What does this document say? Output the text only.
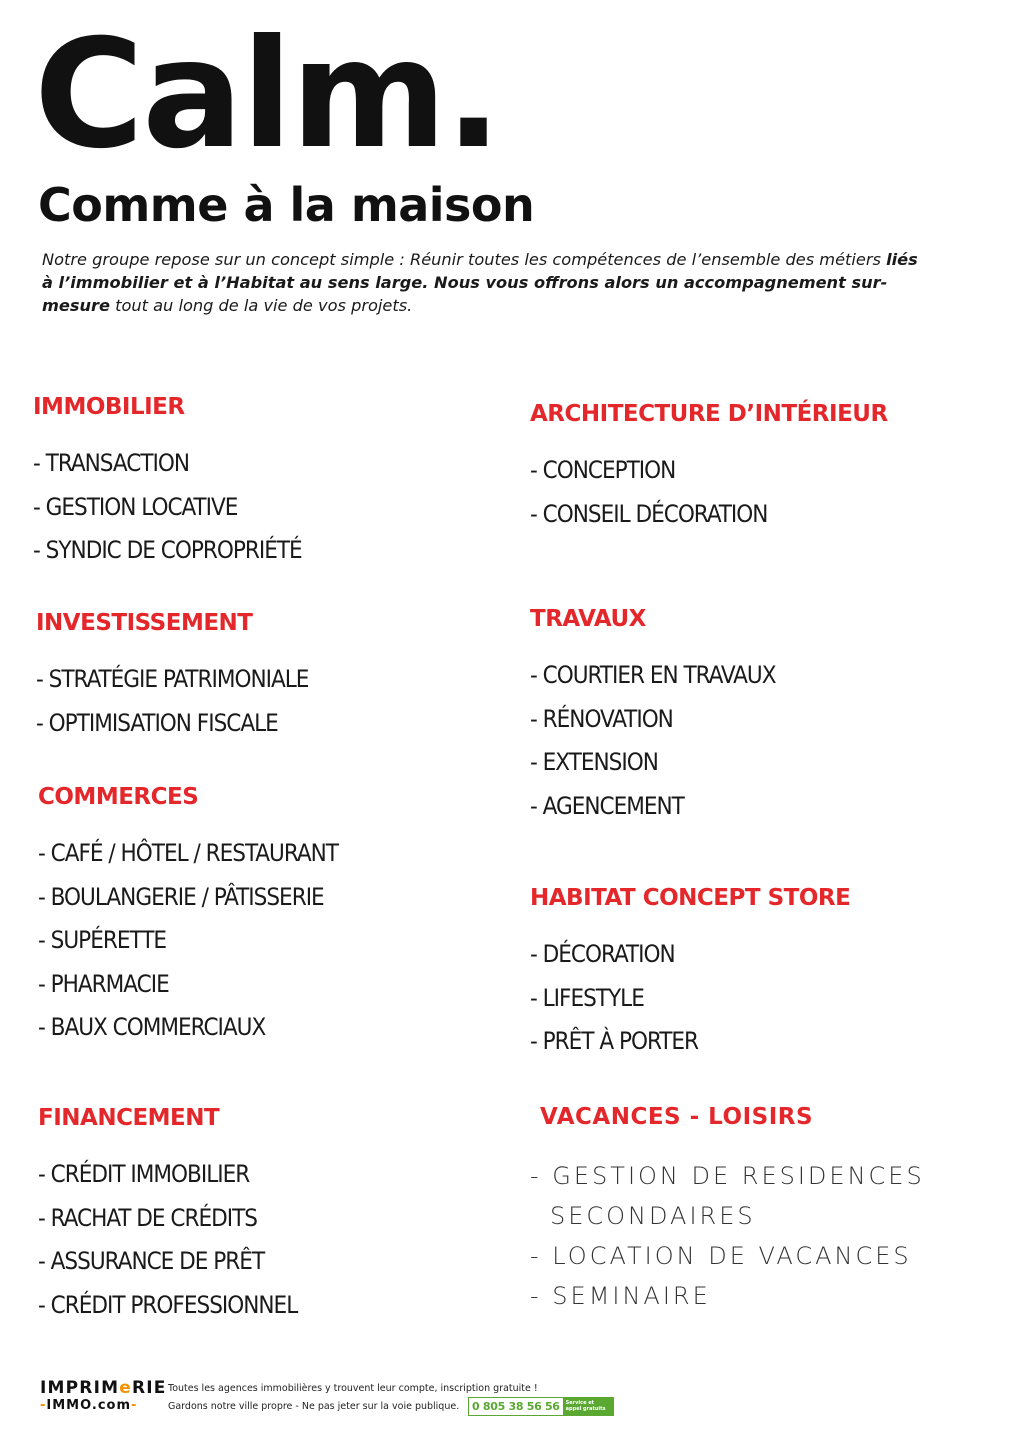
Calm.
Comme à la maison

Notre groupe repose sur un concept simple : Réunir toutes les compétences de l’ensemble des métiers liés à l’immobilier et à l’Habitat au sens large. Nous vous offrons alors un accompagnement sur-mesure tout au long de la vie de vos projets.

IMMOBILIER
- TRANSACTION
- GESTION LOCATIVE
- SYNDIC DE COPROPRIÉTÉ
INVESTISSEMENT
- STRATÉGIE PATRIMONIALE
- OPTIMISATION FISCALE
COMMERCES
- CAFÉ / HÔTEL / RESTAURANT
- BOULANGERIE / PÂTISSERIE
- SUPÉRETTE
- PHARMACIE
- BAUX COMMERCIAUX
FINANCEMENT
- CRÉDIT IMMOBILIER
- RACHAT DE CRÉDITS
- ASSURANCE DE PRÊT
- CRÉDIT PROFESSIONNEL
ARCHITECTURE D’INTÉRIEUR
- CONCEPTION
- CONSEIL DÉCORATION
TRAVAUX
- COURTIER EN TRAVAUX
- RÉNOVATION
- EXTENSION
- AGENCEMENT
HABITAT CONCEPT STORE
- DÉCORATION
- LIFESTYLE
- PRÊT À PORTER
VACANCES - LOISIRS
- GESTION DE RESIDENCES
SECONDAIRES
- LOCATION DE VACANCES
- SEMINAIRE
IMPRIMeRIE
-IMMO.com-
Toutes les agences immobilières y trouvent leur compte, inscription gratuite !
Gardons notre ville propre - Ne pas jeter sur la voie publique.	0 805 38 56 56	Service et appel gratuits
